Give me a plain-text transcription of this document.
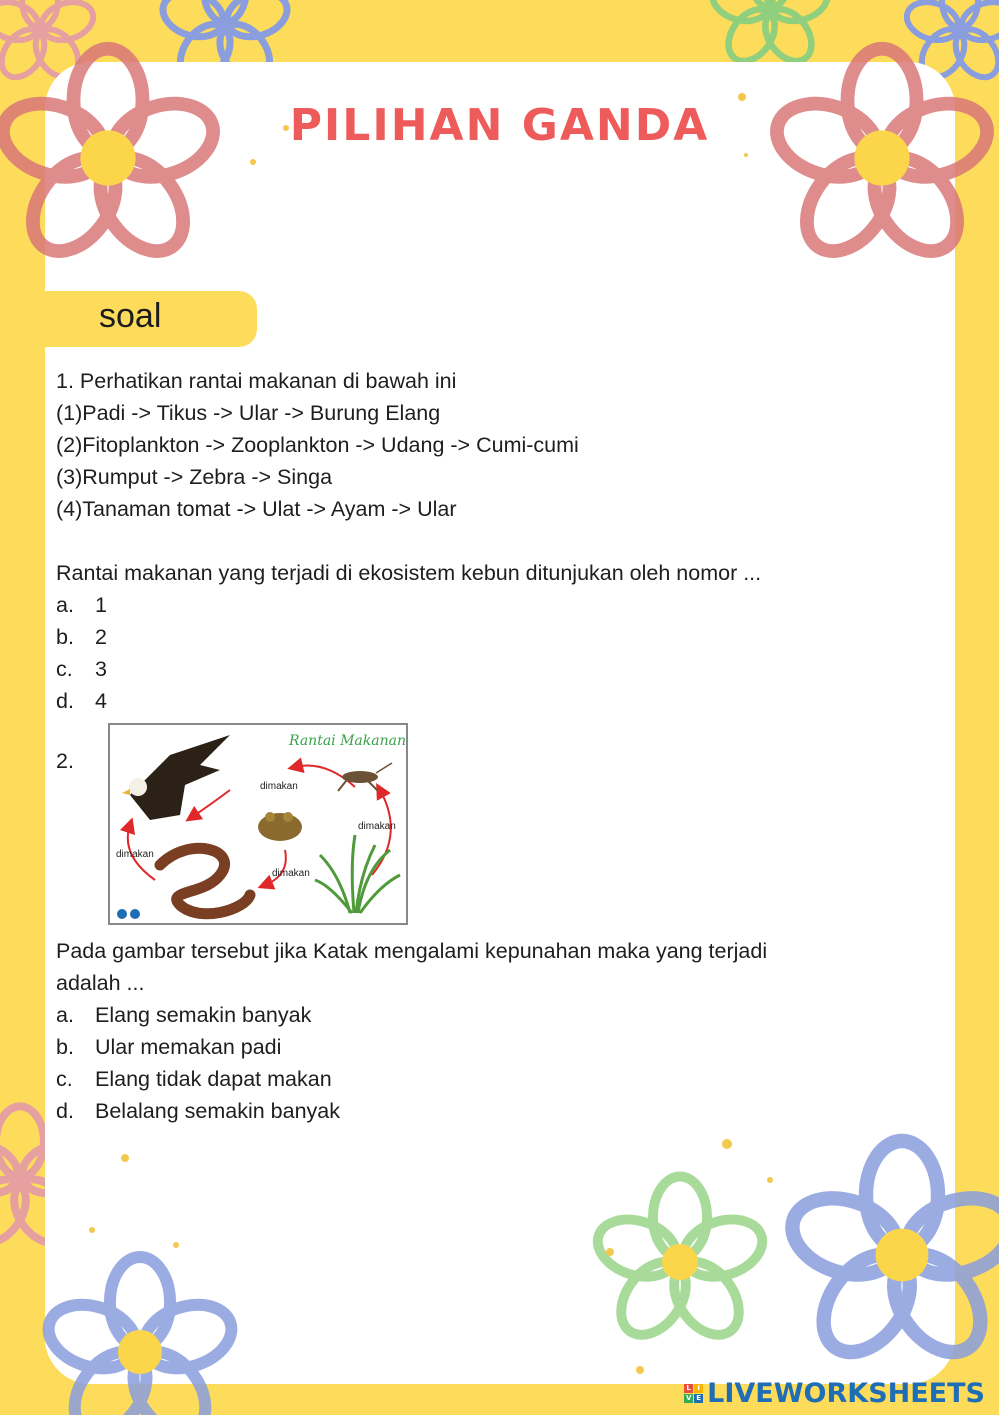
PILIHAN GANDA
soal
1. Perhatikan rantai makanan di bawah ini
(1)Padi -> Tikus -> Ular -> Burung Elang
(2)Fitoplankton -> Zooplankton -> Udang -> Cumi-cumi
(3)Rumput -> Zebra -> Singa
(4)Tanaman tomat -> Ulat -> Ayam -> Ular
Rantai makanan yang terjadi di ekosistem kebun ditunjukan oleh nomor ...
a. 1
b. 2
c.	3
d. 4
2.
Rantai Makanan
dimakan
dimakan
dimakan
dimakan
Pada gambar tersebut jika Katak mengalami kepunahan maka yang terjadi
adalah ...
a. Elang semakin banyak
b. Ular memakan padi
c.	Elang tidak dapat makan
d. Belalang semakin banyak
L I
V E LIVEWORKSHEETS
